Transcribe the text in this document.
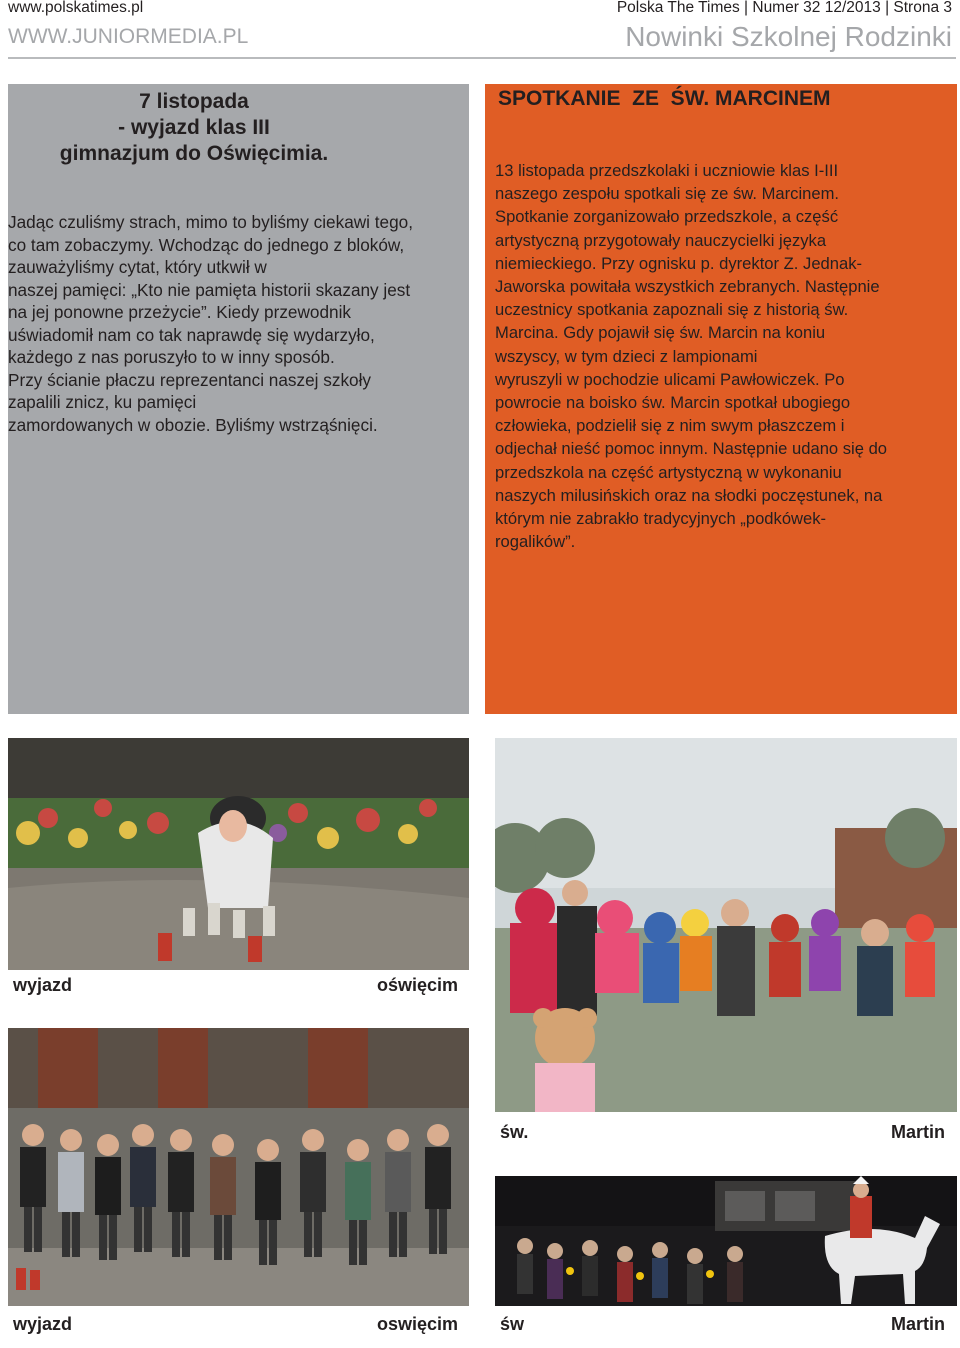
www.polskatimes.pl
WWW.JUNIORMEDIA.PL
Polska The Times | Numer 32 12/2013 | Strona 3
Nowinki Szkolnej Rodzinki
7 listopada
- wyjazd klas III
gimnazjum do Oświęcimia.
Jadąc czuliśmy strach, mimo to byliśmy ciekawi tego,
co tam zobaczymy. Wchodząc do jednego z bloków,
zauważyliśmy cytat, który utkwił w
naszej pamięci: „Kto nie pamięta historii skazany jest
na jej ponowne przeżycie”. Kiedy przewodnik
uświadomił nam co tak naprawdę się wydarzyło,
każdego z nas poruszyło to w inny sposób.
Przy ścianie płaczu reprezentanci naszej szkoły
zapalili znicz, ku pamięci
zamordowanych w obozie. Byliśmy wstrząśnięci.
SPOTKANIE  ZE  ŚW. MARCINEM
13 listopada przedszkolaki i uczniowie klas I-III
naszego zespołu spotkali się ze św. Marcinem.
Spotkanie zorganizowało przedszkole, a część
artystyczną przygotowały nauczycielki języka
niemieckiego. Przy ognisku p. dyrektor Z. Jednak-
Jaworska powitała wszystkich zebranych. Następnie
uczestnicy spotkania zapoznali się z historią św.
Marcina. Gdy pojawił się św. Marcin na koniu
wszyscy, w tym dzieci z lampionami
wyruszyli w pochodzie ulicami Pawłowiczek. Po
powrocie na boisko św. Marcin spotkał ubogiego
człowieka, podzielił się z nim swym płaszczem i
odjechał nieść pomoc innym. Następnie udano się do
przedszkola na część artystyczną w wykonaniu
naszych milusińskich oraz na słodki poczęstunek, na
którym nie zabrakło tradycyjnych „podkówek-
rogalików”.
wyjazd	oświęcim
wyjazd	oswięcim
św.	Martin
św	Martin
